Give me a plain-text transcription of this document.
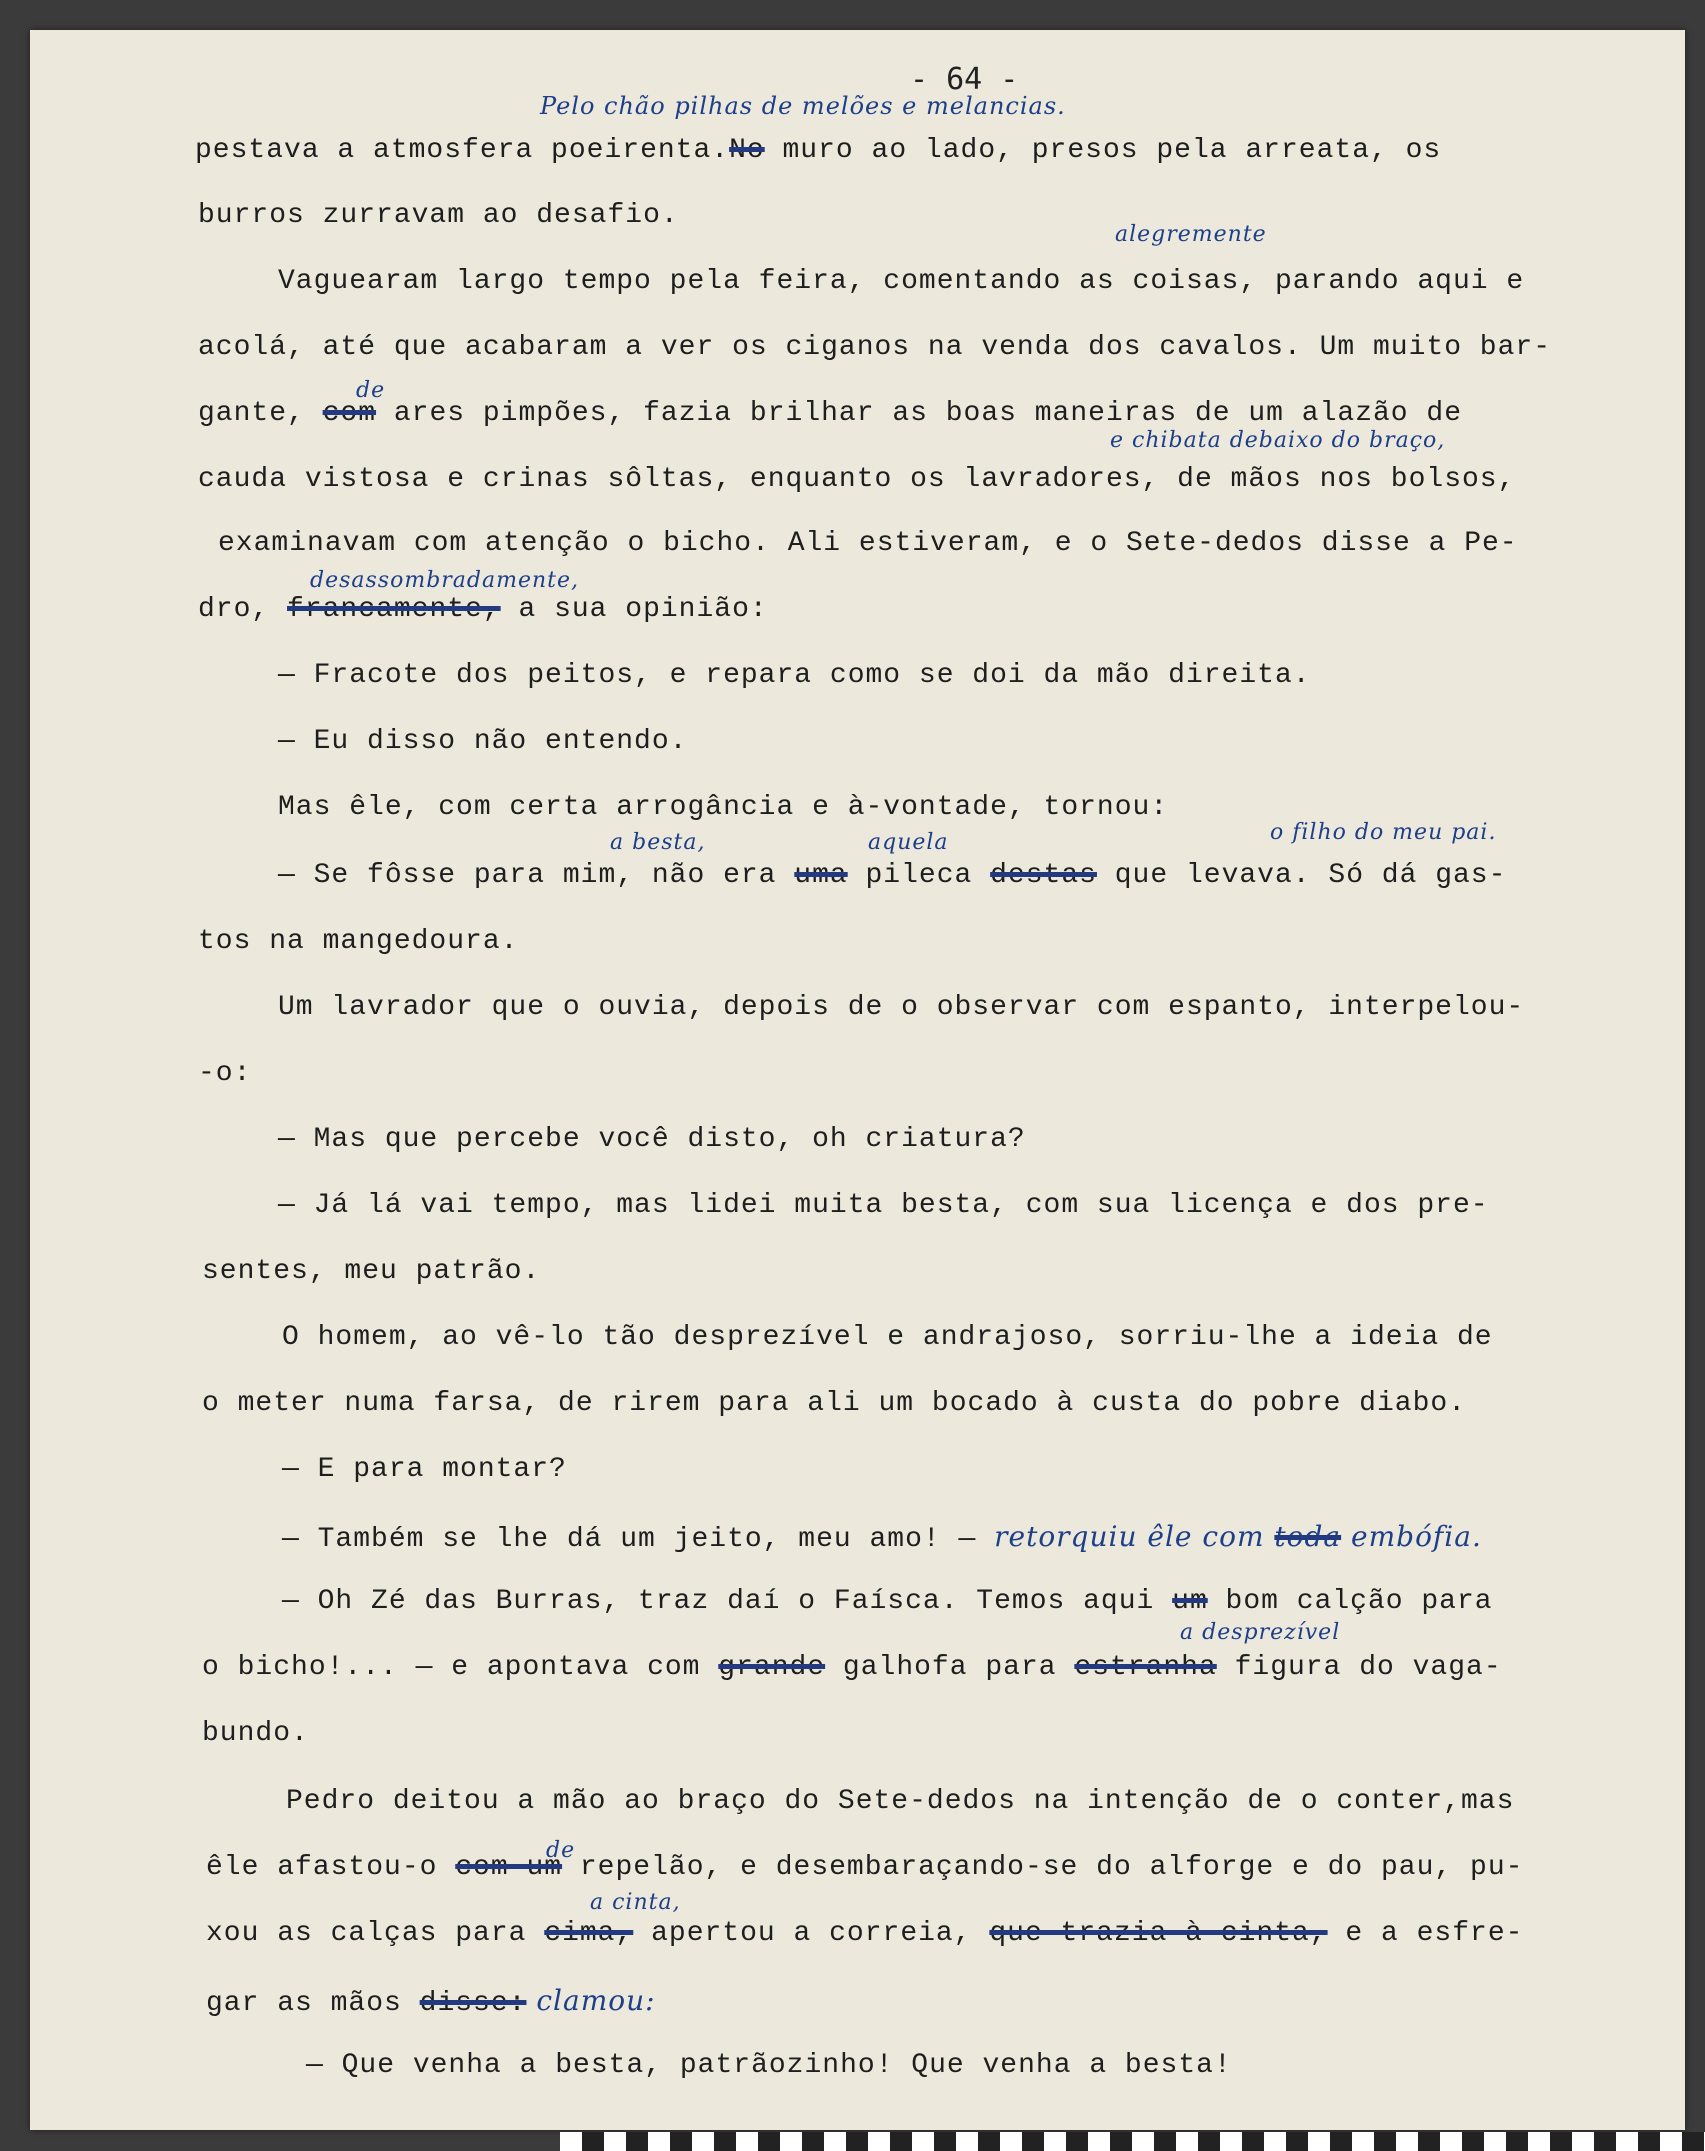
- 64 -
Pelo chão pilhas de melões e melancias.
alegremente
de
e chibata debaixo do braço,
desassombradamente,
a besta,	aquela	o filho do meu pai.
a desprezível
de
a cinta,
pestava a atmosfera poeirenta.No muro ao lado, presos pela arreata, os
burros zurravam ao desafio.
Vaguearam largo tempo pela feira, comentando as coisas, parando aqui e
acolá, até que acabaram a ver os ciganos na venda dos cavalos. Um muito bar-
gante, com ares pimpões, fazia brilhar as boas maneiras de um alazão de
cauda vistosa e crinas sôltas, enquanto os lavradores, de mãos nos bolsos,
examinavam com atenção o bicho. Ali estiveram, e o Sete-dedos disse a Pe-
dro, francamente, a sua opinião:
— Fracote dos peitos, e repara como se doi da mão direita.
— Eu disso não entendo.
Mas êle, com certa arrogância e à-vontade, tornou:
— Se fôsse para mim, não era uma pileca destas que levava. Só dá gas-
tos na mangedoura.
Um lavrador que o ouvia, depois de o observar com espanto, interpelou-
-o:
— Mas que percebe você disto, oh criatura?
— Já lá vai tempo, mas lidei muita besta, com sua licença e dos pre-
sentes, meu patrão.
O homem, ao vê-lo tão desprezível e andrajoso, sorriu-lhe a ideia de
o meter numa farsa, de rirem para ali um bocado à custa do pobre diabo.
— E para montar?
— Também se lhe dá um jeito, meu amo! — retorquiu êle com toda embófia.
— Oh Zé das Burras, traz daí o Faísca. Temos aqui um bom calção para
o bicho!... — e apontava com grande galhofa para estranha figura do vaga-
bundo.
Pedro deitou a mão ao braço do Sete-dedos na intenção de o conter,mas
êle afastou-o com um repelão, e desembaraçando-se do alforge e do pau, pu-
xou as calças para cima, apertou a correia, que trazia à cinta, e a esfre-
gar as mãos disse: clamou:
— Que venha a besta, patrãozinho! Que venha a besta!
